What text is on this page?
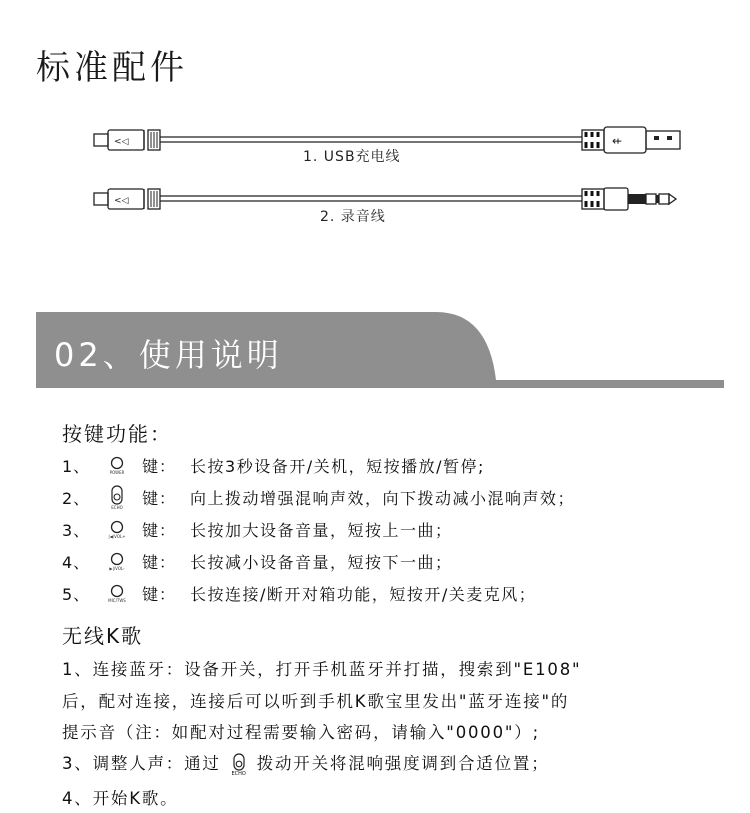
标准配件
<◁	⇷
1. USB充电线
<◁
2. 录音线
02、使用说明
按键功能：
1、	POWER 键： 长按3秒设备开/关机，短按播放/暂停;
2、	ECHO 键： 向上拨动增强混响声效，向下拨动减小混响声效；
3、	|◀/VOL+ 键： 长按加大设备音量，短按上一曲；
4、	▶|/VOL- 键： 长按减小设备音量，短按下一曲；
5、	MIC/TWS 键： 长按连接/断开对箱功能，短按开/关麦克风；
无线K歌
1、连接蓝牙：设备开关，打开手机蓝牙并打描，搜索到"E108"
后，配对连接，连接后可以听到手机K歌宝里发出"蓝牙连接"的
提示音（注：如配对过程需要输入密码，请输入"0000"）;
3、调整人声：通过
ECHO
拨动开关将混响强度调到合适位置；
4、开始K歌。
